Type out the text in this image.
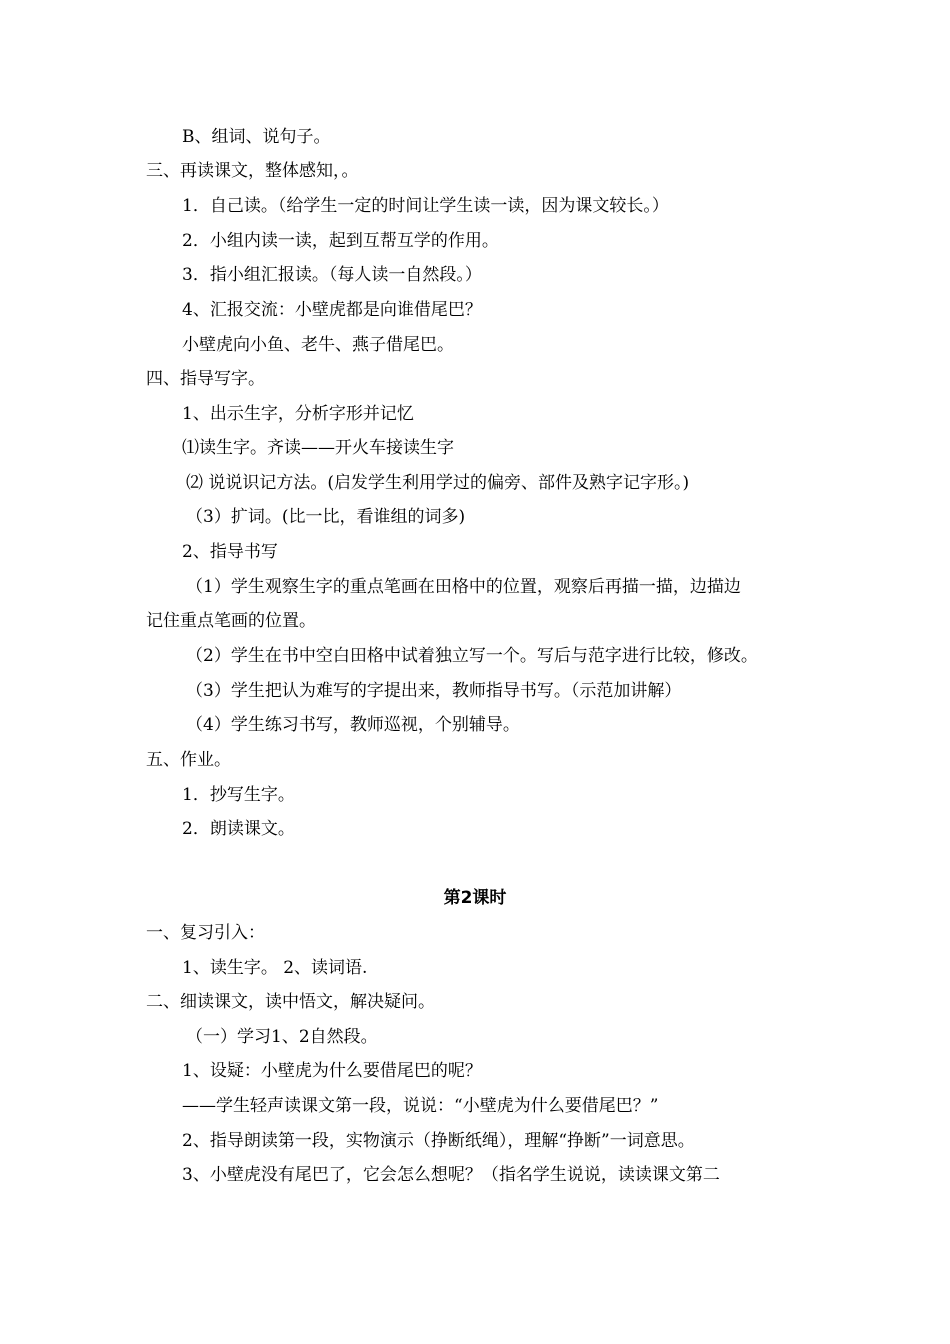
B、组词、说句子。
三、再读课文，整体感知，。
1．自己读。（给学生一定的时间让学生读一读，因为课文较长。）
2．小组内读一读，起到互帮互学的作用。
3．指小组汇报读。（每人读一自然段。）
4、汇报交流：小壁虎都是向谁借尾巴？
小壁虎向小鱼、老牛、燕子借尾巴。
四、指导写字。
1、出示生字，分析字形并记忆
⑴读生字。齐读——开火车接读生字
⑵ 说说识记方法。(启发学生利用学过的偏旁、部件及熟字记字形。)
（3）扩词。(比一比，看谁组的词多)
2、指导书写
（1）学生观察生字的重点笔画在田格中的位置，观察后再描一描，边描边
记住重点笔画的位置。
（2）学生在书中空白田格中试着独立写一个。写后与范字进行比较，修改。
（3）学生把认为难写的字提出来，教师指导书写。（示范加讲解）
（4）学生练习书写，教师巡视，个别辅导。
五、作业。
1．抄写生字。
2．朗读课文。
第2课时
一、复习引入：
1、读生字。 2、读词语.
二、细读课文，读中悟文，解决疑问。
（一）学习1、2自然段。
1、设疑：小壁虎为什么要借尾巴的呢？
——学生轻声读课文第一段，说说：“小壁虎为什么要借尾巴？”
2、指导朗读第一段，实物演示（挣断纸绳），理解“挣断”一词意思。
3、小壁虎没有尾巴了，它会怎么想呢？（指名学生说说，读读课文第二
